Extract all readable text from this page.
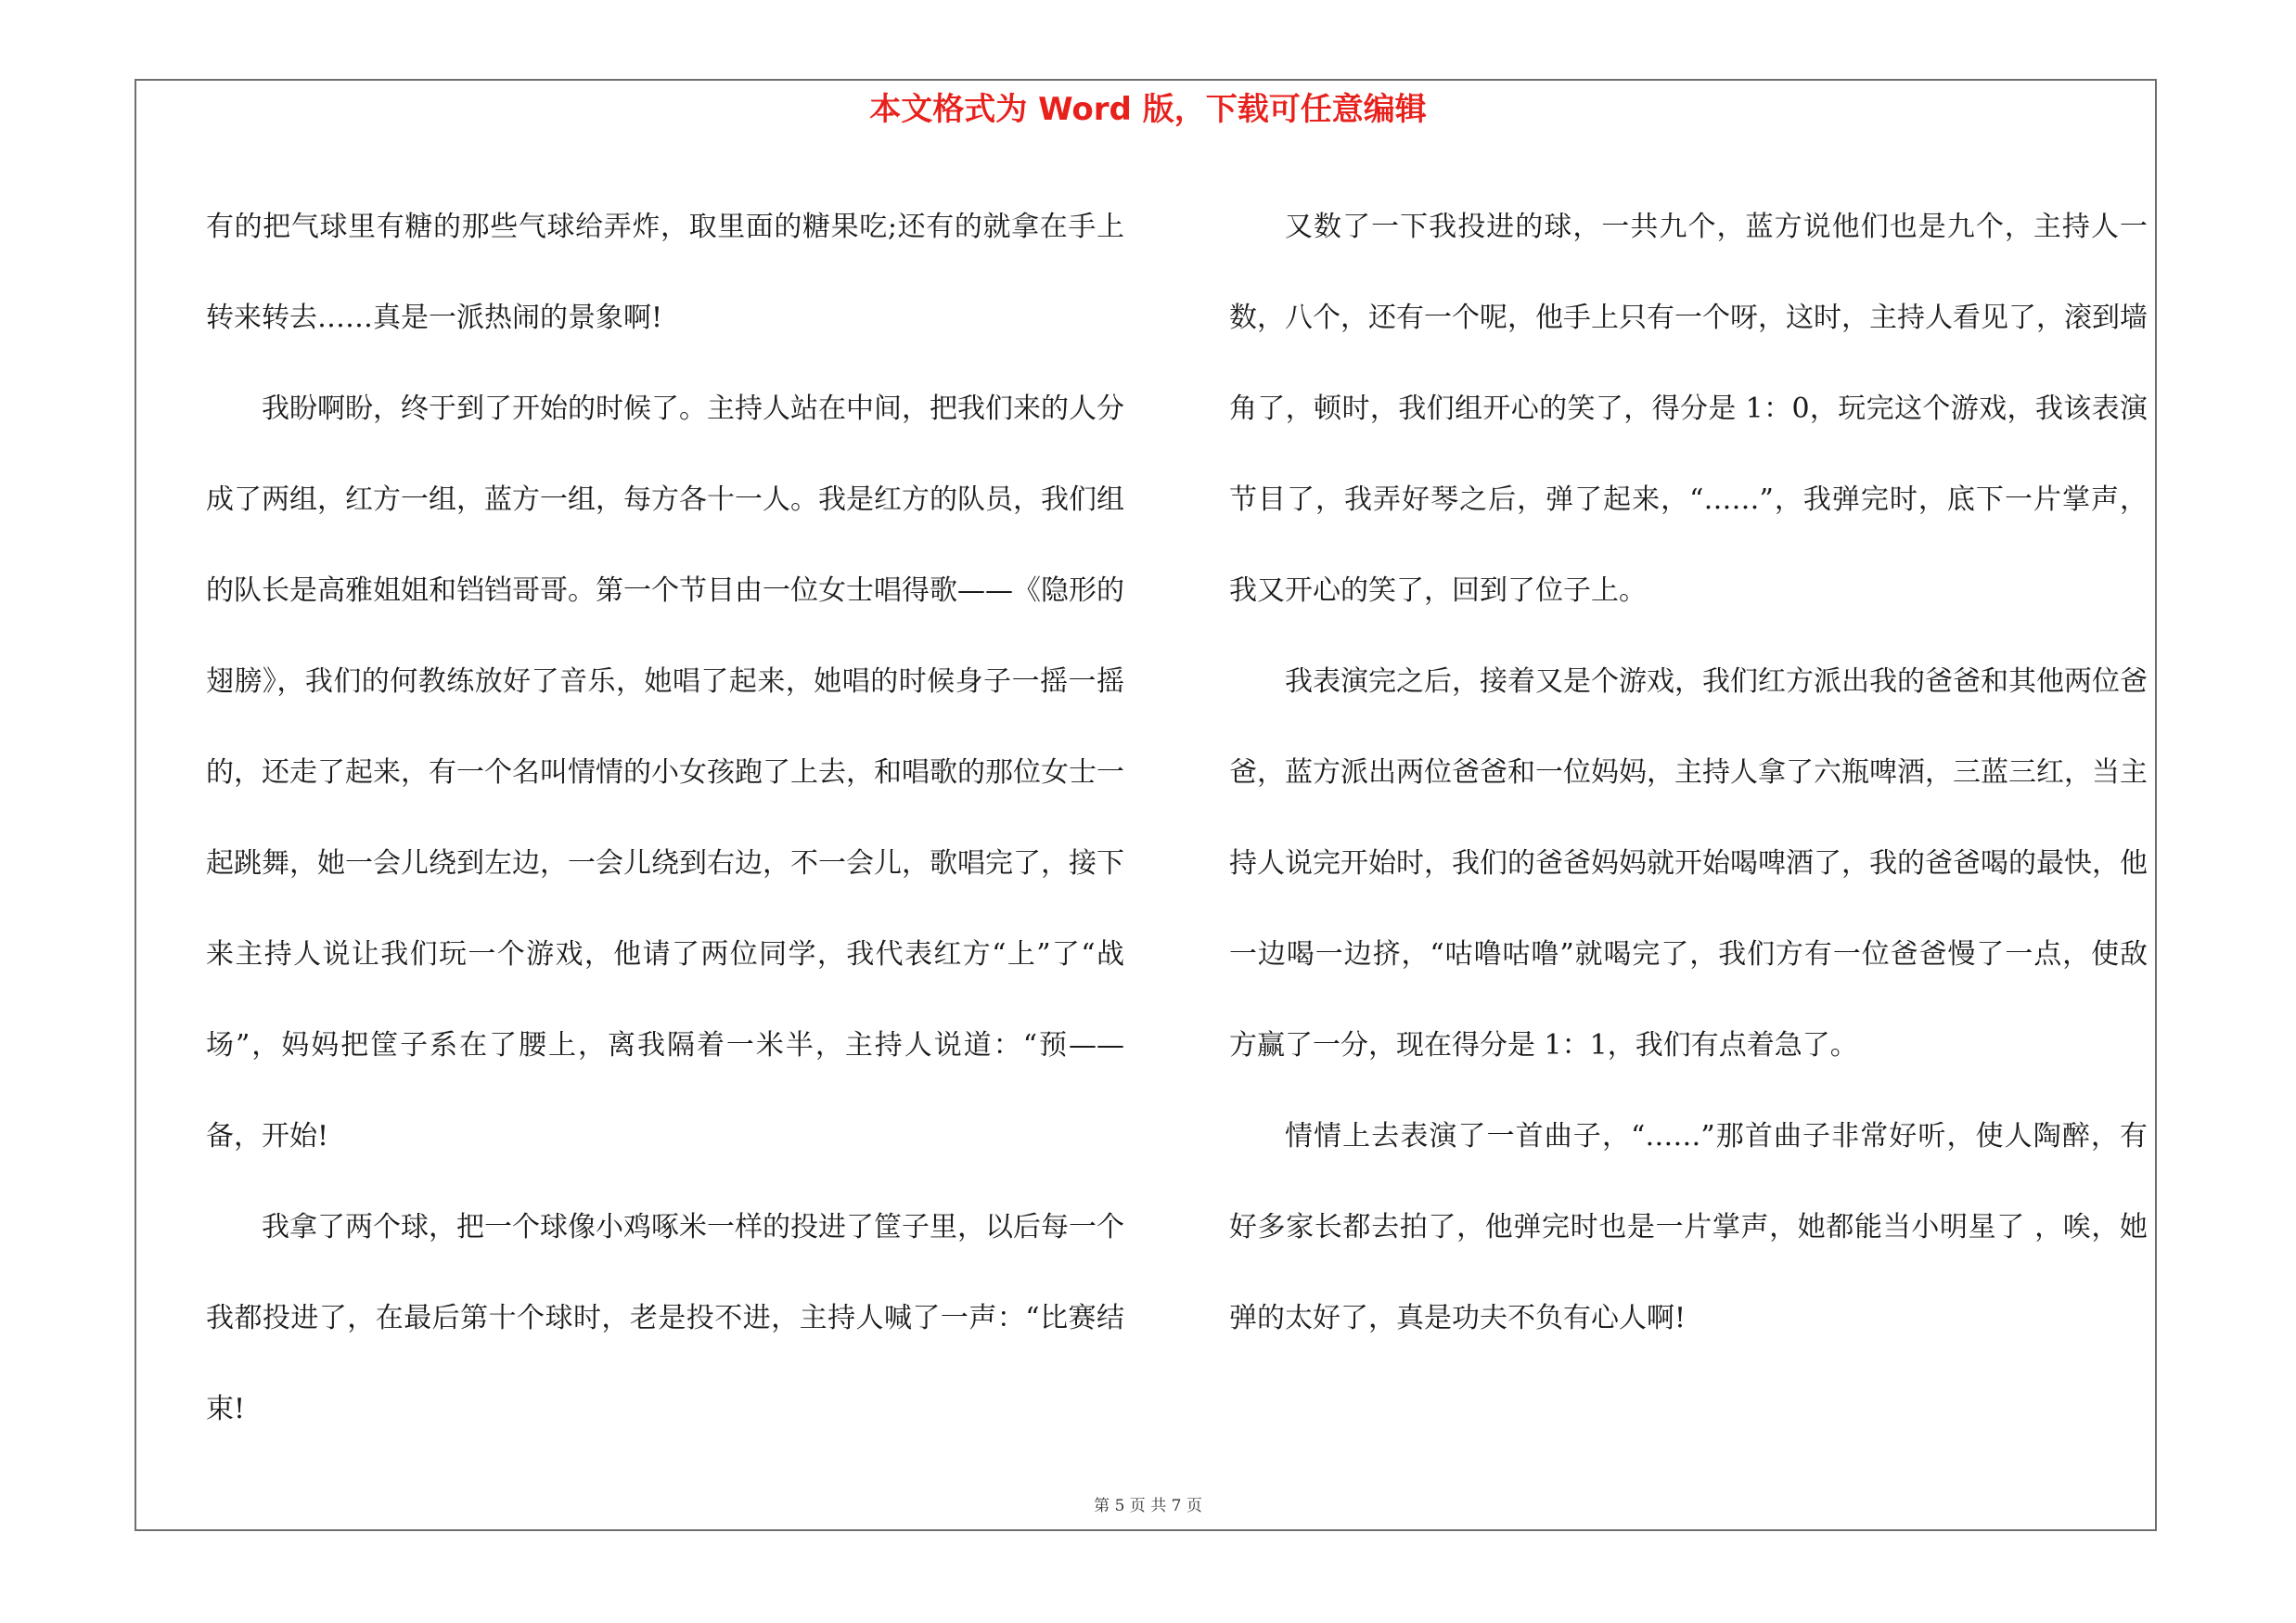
本文格式为 Word 版，下载可任意编辑

有的把气球里有糖的那些气球给弄炸，取里面的糖果吃;还有的就拿在手上转来转去……真是一派热闹的景象啊!

我盼啊盼，终于到了开始的时候了。主持人站在中间，把我们来的人分成了两组，红方一组，蓝方一组，每方各十一人。我是红方的队员，我们组的队长是高雅姐姐和铛铛哥哥。第一个节目由一位女士唱得歌——《隐形的翅膀》，我们的何教练放好了音乐，她唱了起来，她唱的时候身子一摇一摇的，还走了起来，有一个名叫情情的小女孩跑了上去，和唱歌的那位女士一起跳舞，她一会儿绕到左边，一会儿绕到右边，不一会儿，歌唱完了，接下来主持人说让我们玩一个游戏，他请了两位同学，我代表红方“上”了“战场”，妈妈把筐子系在了腰上，离我隔着一米半，主持人说道：“预——备，开始!

我拿了两个球，把一个球像小鸡啄米一样的投进了筐子里，以后每一个我都投进了，在最后第十个球时，老是投不进，主持人喊了一声：“比赛结束!

又数了一下我投进的球，一共九个，蓝方说他们也是九个，主持人一数，八个，还有一个呢，他手上只有一个呀，这时，主持人看见了，滚到墙角了，顿时，我们组开心的笑了，得分是 1：0，玩完这个游戏，我该表演节目了，我弄好琴之后，弹了起来，“……”，我弹完时，底下一片掌声，我又开心的笑了，回到了位子上。

我表演完之后，接着又是个游戏，我们红方派出我的爸爸和其他两位爸爸，蓝方派出两位爸爸和一位妈妈，主持人拿了六瓶啤酒，三蓝三红，当主持人说完开始时，我们的爸爸妈妈就开始喝啤酒了，我的爸爸喝的最快，他一边喝一边挤，“咕噜咕噜”就喝完了，我们方有一位爸爸慢了一点，使敌方赢了一分，现在得分是 1：1，我们有点着急了。

情情上去表演了一首曲子，“……”那首曲子非常好听，使人陶醉，有好多家长都去拍了，他弹完时也是一片掌声，她都能当小明星了 ，唉，她弹的太好了，真是功夫不负有心人啊!

第 5 页 共 7 页
